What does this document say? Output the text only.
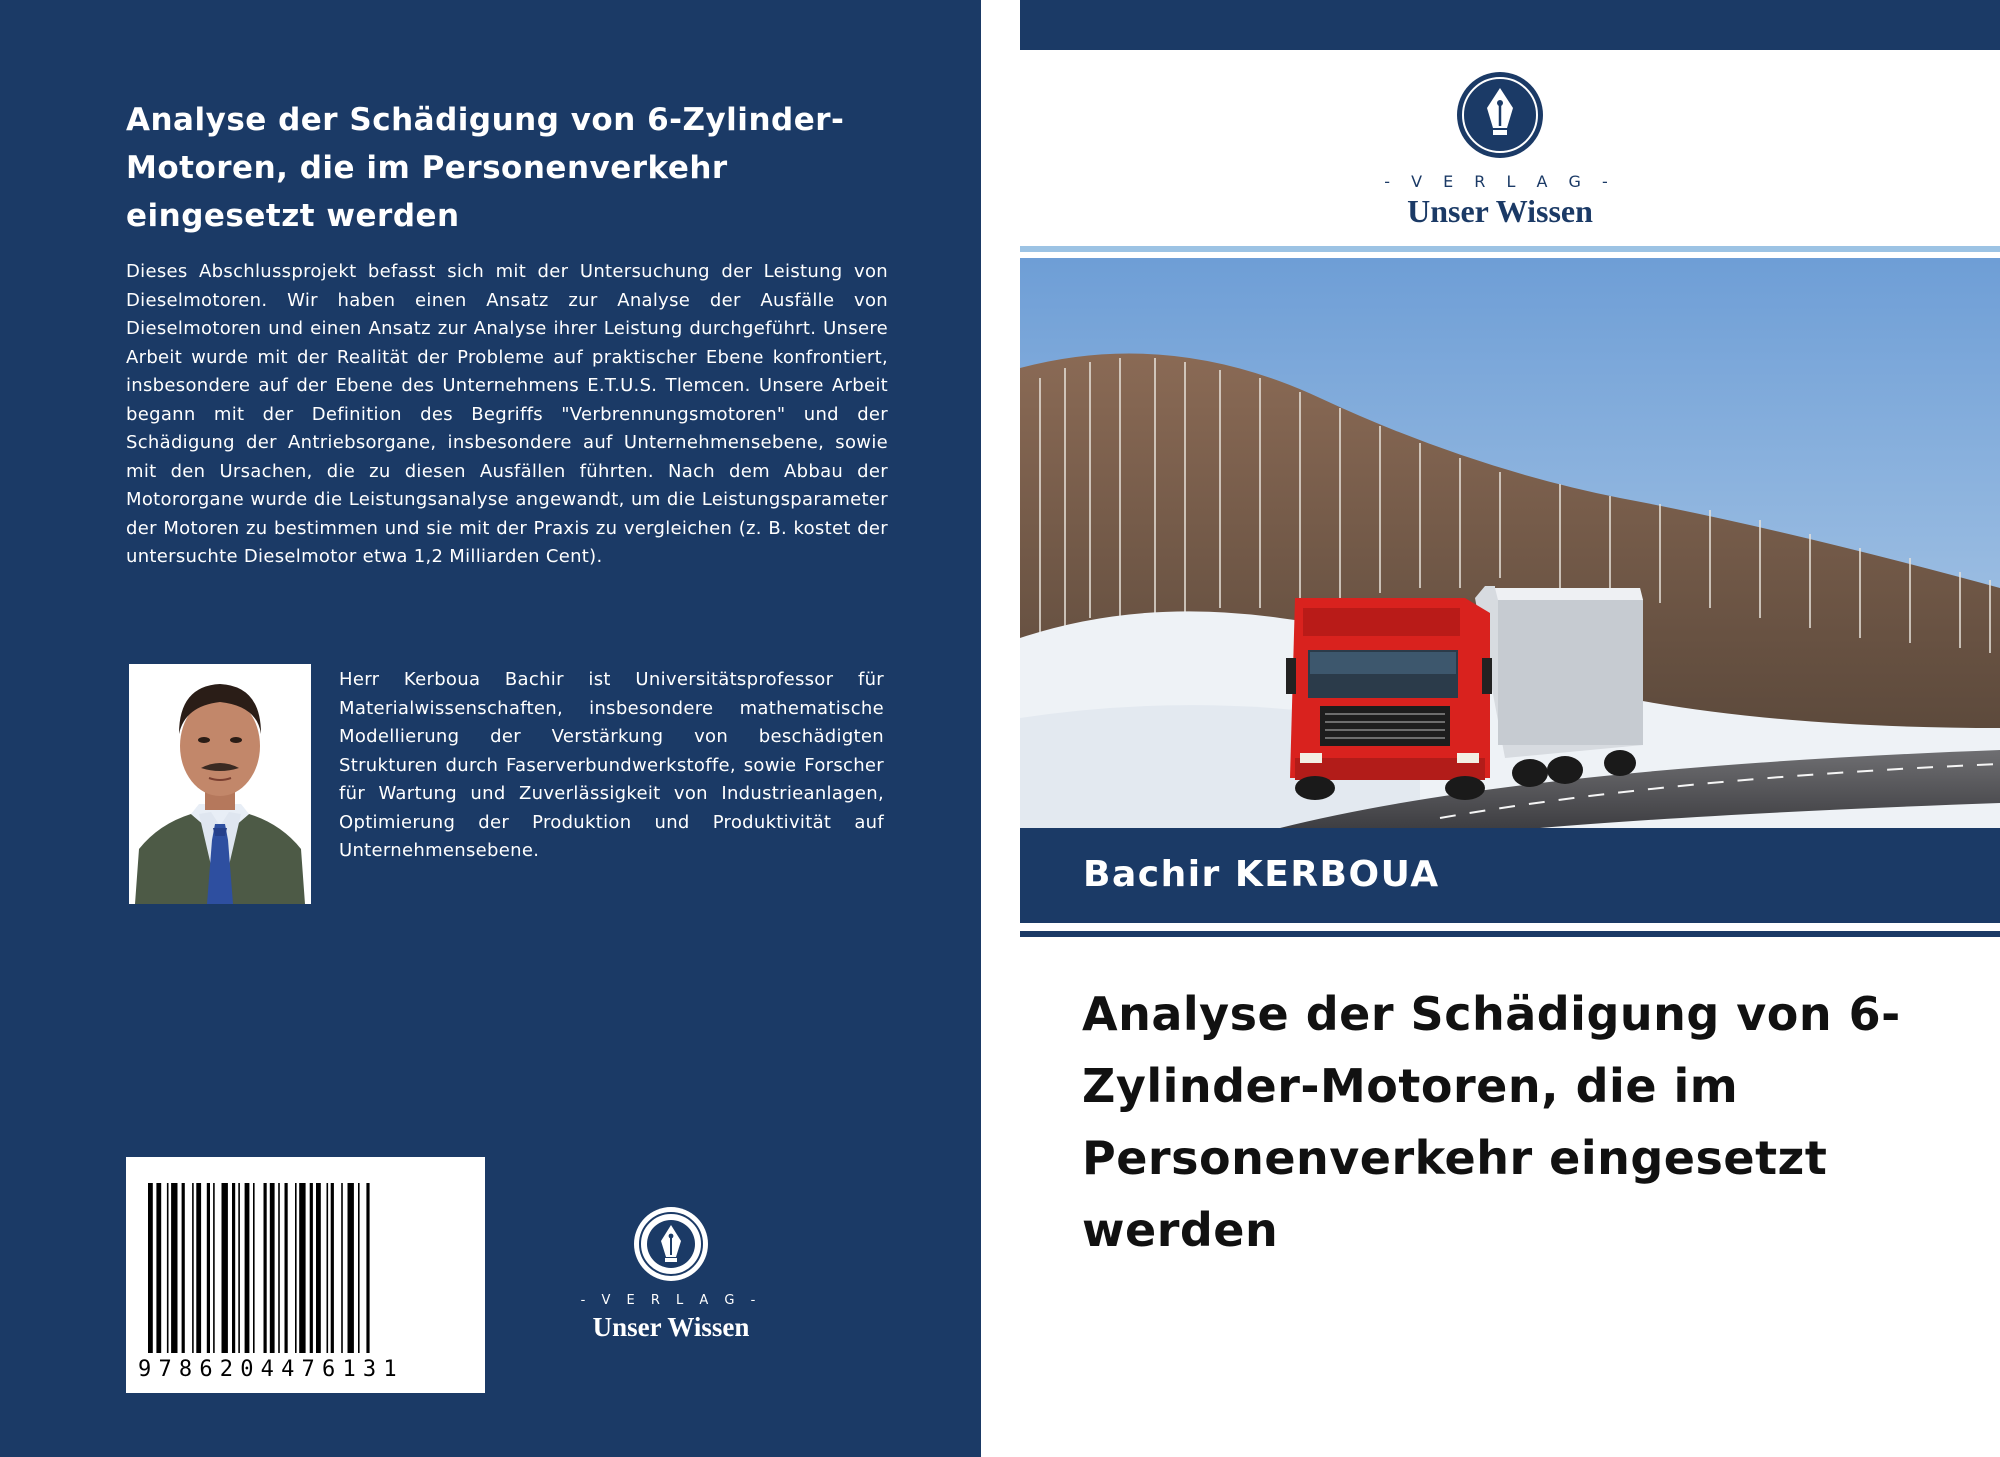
Analyse der Schädigung von 6-Zylinder-Motoren, die im Personenverkehr eingesetzt werden

Dieses Abschlussprojekt befasst sich mit der Untersuchung der Leistung von Dieselmotoren. Wir haben einen Ansatz zur Analyse der Ausfälle von Dieselmotoren und einen Ansatz zur Analyse ihrer Leistung durchgeführt. Unsere Arbeit wurde mit der Realität der Probleme auf praktischer Ebene konfrontiert, insbesondere auf der Ebene des Unternehmens E.T.U.S. Tlemcen. Unsere Arbeit begann mit der Definition des Begriffs "Verbrennungsmotoren" und der Schädigung der Antriebsorgane, insbesondere auf Unternehmensebene, sowie mit den Ursachen, die zu diesen Ausfällen führten. Nach dem Abbau der Motororgane wurde die Leistungsanalyse angewandt, um die Leistungsparameter der Motoren zu bestimmen und sie mit der Praxis zu vergleichen (z. B. kostet der untersuchte Dieselmotor etwa 1,2 Milliarden Cent).

Herr Kerboua Bachir ist Universitätsprofessor für Materialwissenschaften, insbesondere mathematische Modellierung der Verstärkung von beschädigten Strukturen durch Faserverbundwerkstoffe, sowie Forscher für Wartung und Zuverlässigkeit von Industrieanlagen, Optimierung der Produktion und Produktivität auf Unternehmensebene.

9786204476131
- V E R L A G -
Unser Wissen
- V E R L A G -
Unser Wissen
Bachir KERBOUA
Analyse der Schädigung von 6-Zylinder-Motoren, die im Personenverkehr eingesetzt werden
